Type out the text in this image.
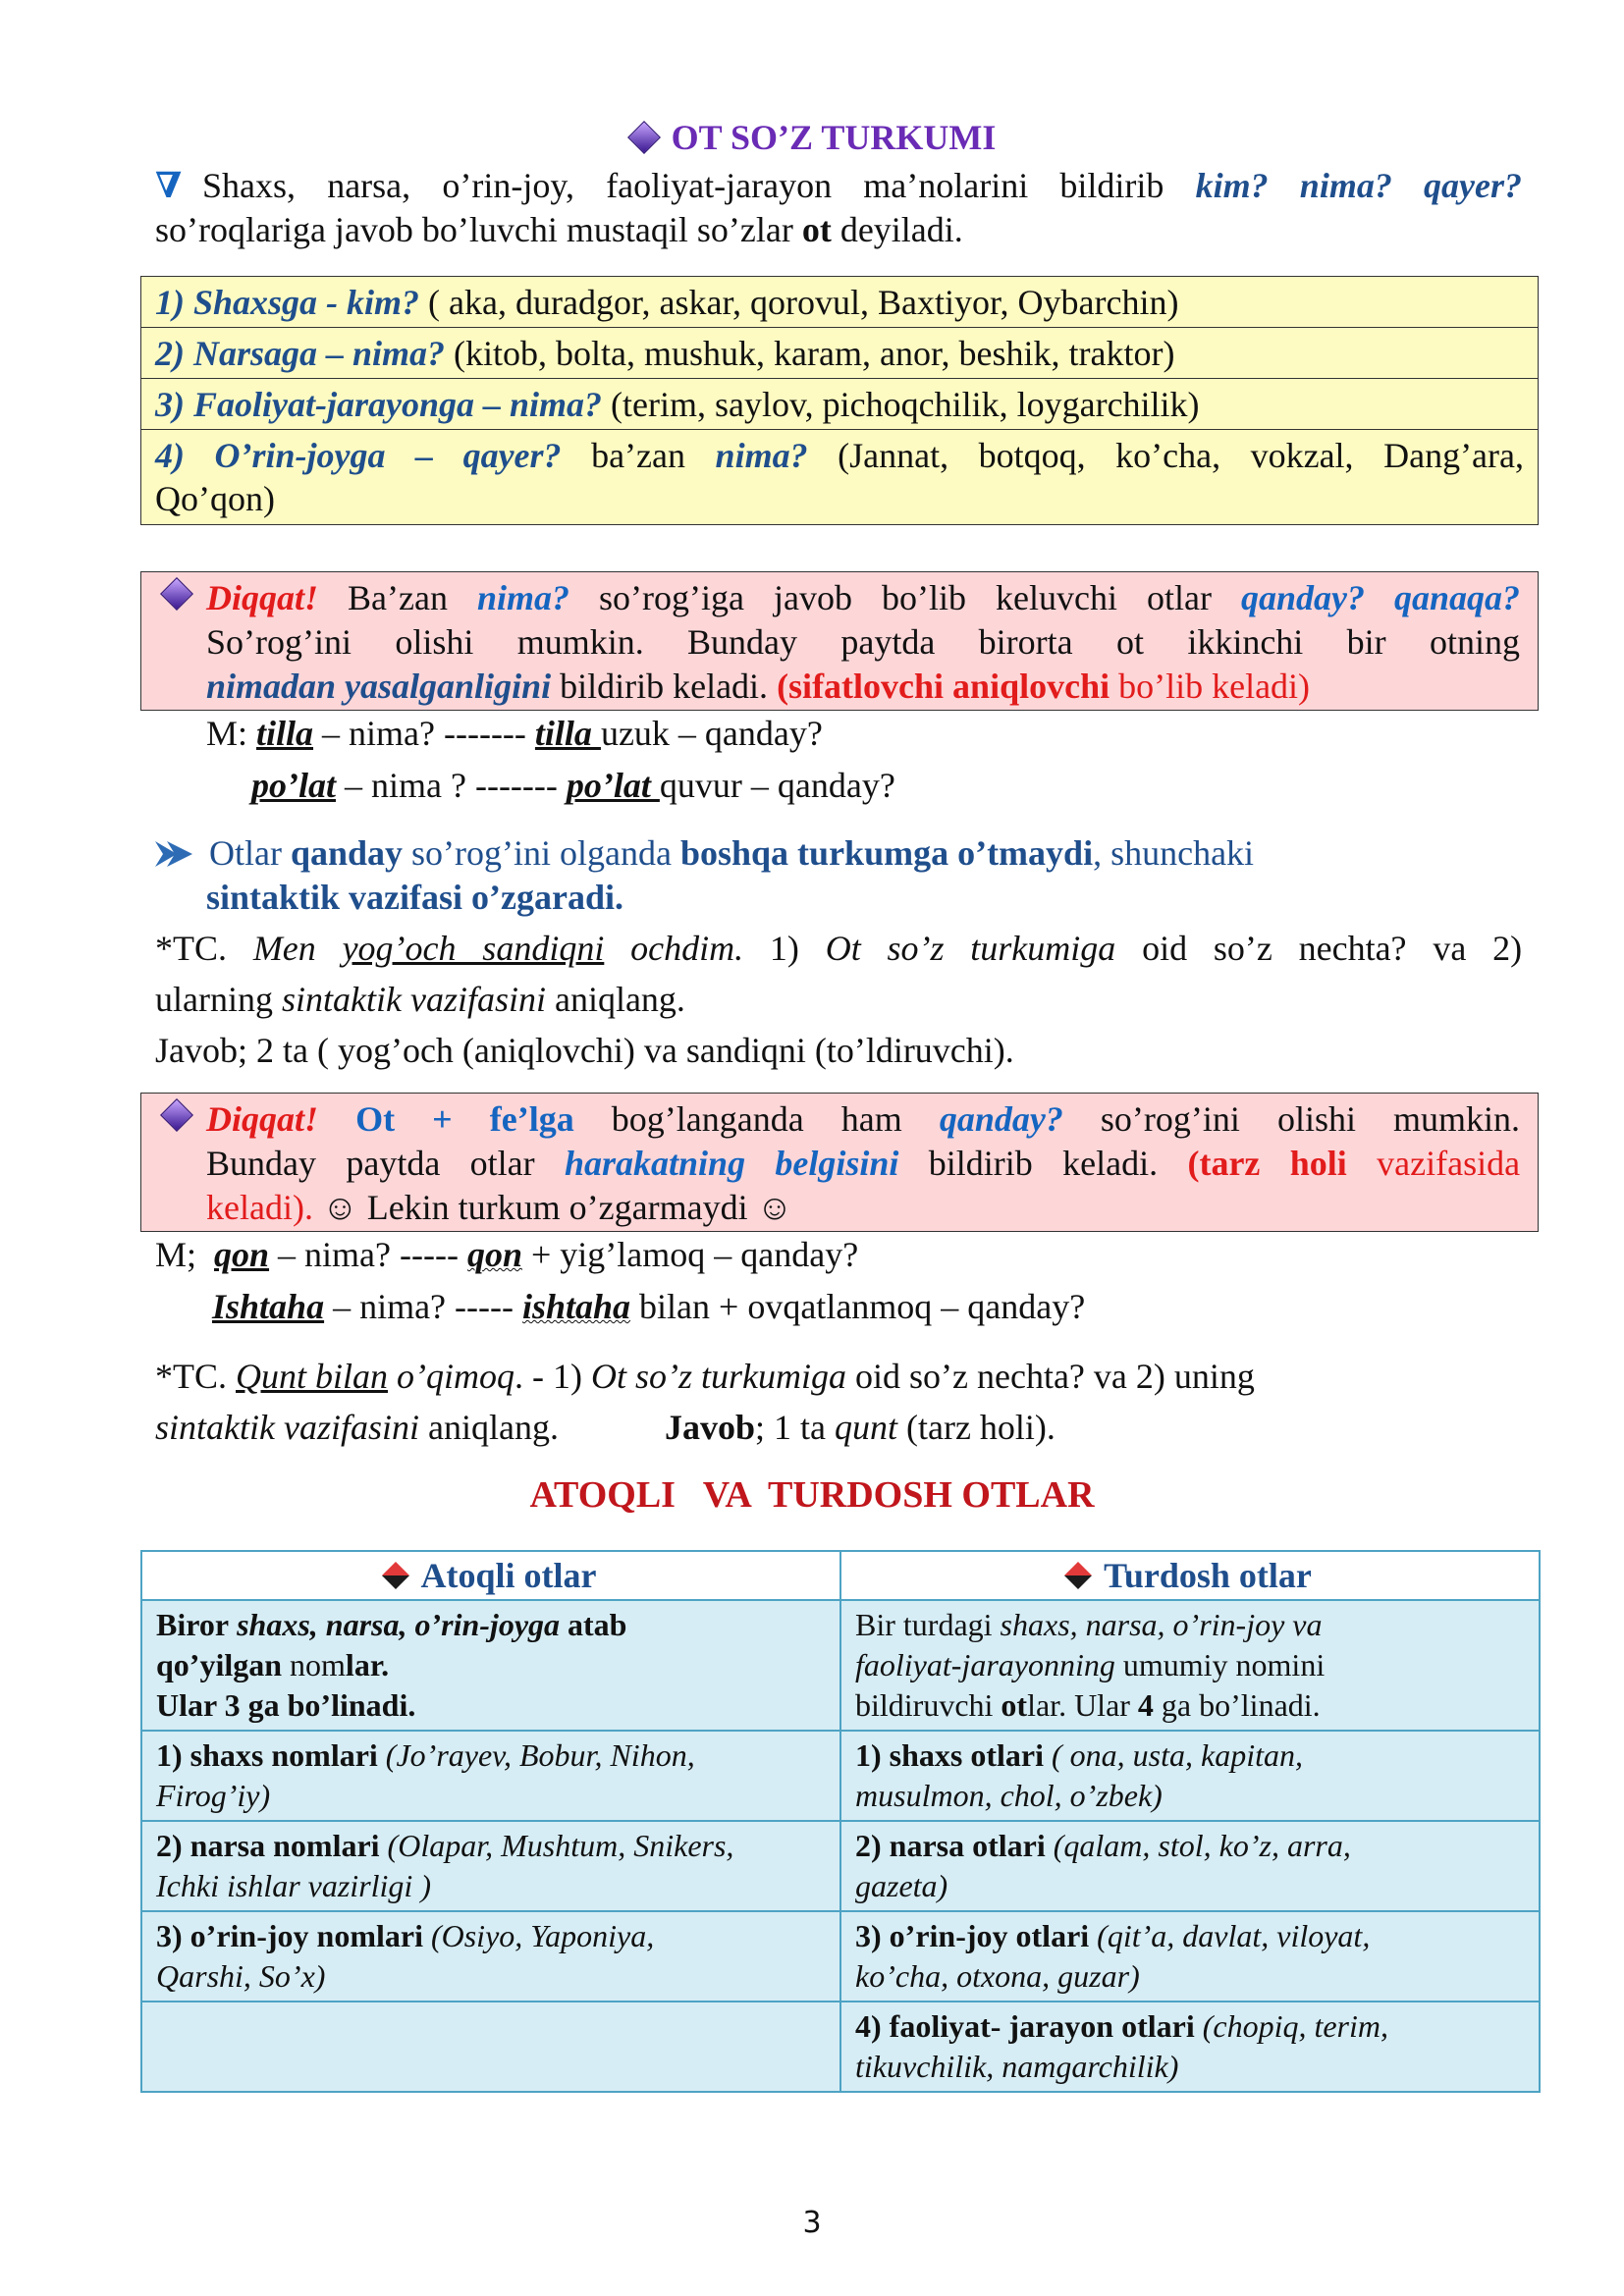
OT SO’Z TURKUMI
∇ Shaxs, narsa, o’rin-joy, faoliyat-jarayon ma’nolarini bildirib kim? nima? qayer?
so’roqlariga javob bo’luvchi mustaqil so’zlar ot deyiladi.
1) Shaxsga - kim? ( aka, duradgor, askar, qorovul, Baxtiyor, Oybarchin)
2) Narsaga – nima? (kitob, bolta, mushuk, karam, anor, beshik, traktor)
3) Faoliyat-jarayonga – nima? (terim, saylov, pichoqchilik, loygarchilik)
4) O’rin-joyga – qayer? ba’zan nima? (Jannat, botqoq, ko’cha, vokzal, Dang’ara,
Qo’qon)
Diqqat! Ba’zan nima? so’rog’iga javob bo’lib keluvchi otlar qanday? qanaqa?
So’rog’ini olishi mumkin. Bunday paytda birorta ot ikkinchi bir otning
nimadan yasalganligini bildirib keladi. (sifatlovchi aniqlovchi bo’lib keladi)
M: tilla – nima? ------- tilla uzuk – qanday?
po’lat – nima ? ------- po’lat quvur – qanday?
Otlar qanday so’rog’ini olganda boshqa turkumga o’tmaydi, shunchaki
sintaktik vazifasi o’zgaradi.
*TC. Men yog’och sandiqni ochdim. 1) Ot so’z turkumiga oid so’z nechta? va 2)
ularning sintaktik vazifasini aniqlang.
Javob; 2 ta ( yog’och (aniqlovchi) va sandiqni (to’ldiruvchi).
Diqqat! Ot + fe’lga bog’langanda ham qanday? so’rog’ini olishi mumkin.
Bunday paytda otlar harakatning belgisini bildirib keladi. (tarz holi vazifasida
keladi). ☺ Lekin turkum o’zgarmaydi ☺
M; qon – nima? ----- qon + yig’lamoq – qanday?
Ishtaha – nima? ----- ishtaha bilan + ovqatlanmoq – qanday?
*TC. Qunt bilan o’qimoq. - 1) Ot so’z turkumiga oid so’z nechta? va 2) uning
sintaktik vazifasini aniqlang.	Javob; 1 ta qunt (tarz holi).
ATOQLI   VA  TURDOSH OTLAR
Atoqli otlar	Turdosh otlar
Biror shaxs, narsa, o’rin-joyga atab
qo’yilgan nomlar.
Ular 3 ga bo’linadi.	Bir turdagi shaxs, narsa, o’rin-joy va
faoliyat-jarayonning umumiy nomini
bildiruvchi otlar. Ular 4 ga bo’linadi.
1) shaxs nomlari (Jo’rayev, Bobur, Nihon,
Firog’iy)	1) shaxs otlari ( ona, usta, kapitan,
musulmon, chol, o’zbek)
2) narsa nomlari (Olapar, Mushtum, Snikers,
Ichki ishlar vazirligi )	2) narsa otlari (qalam, stol, ko’z, arra,
gazeta)
3) o’rin-joy nomlari (Osiyo, Yaponiya,
Qarshi, So’x)	3) o’rin-joy otlari (qit’a, davlat, viloyat,
ko’cha, otxona, guzar)
	4) faoliyat- jarayon otlari (chopiq, terim,
tikuvchilik, namgarchilik)
3
